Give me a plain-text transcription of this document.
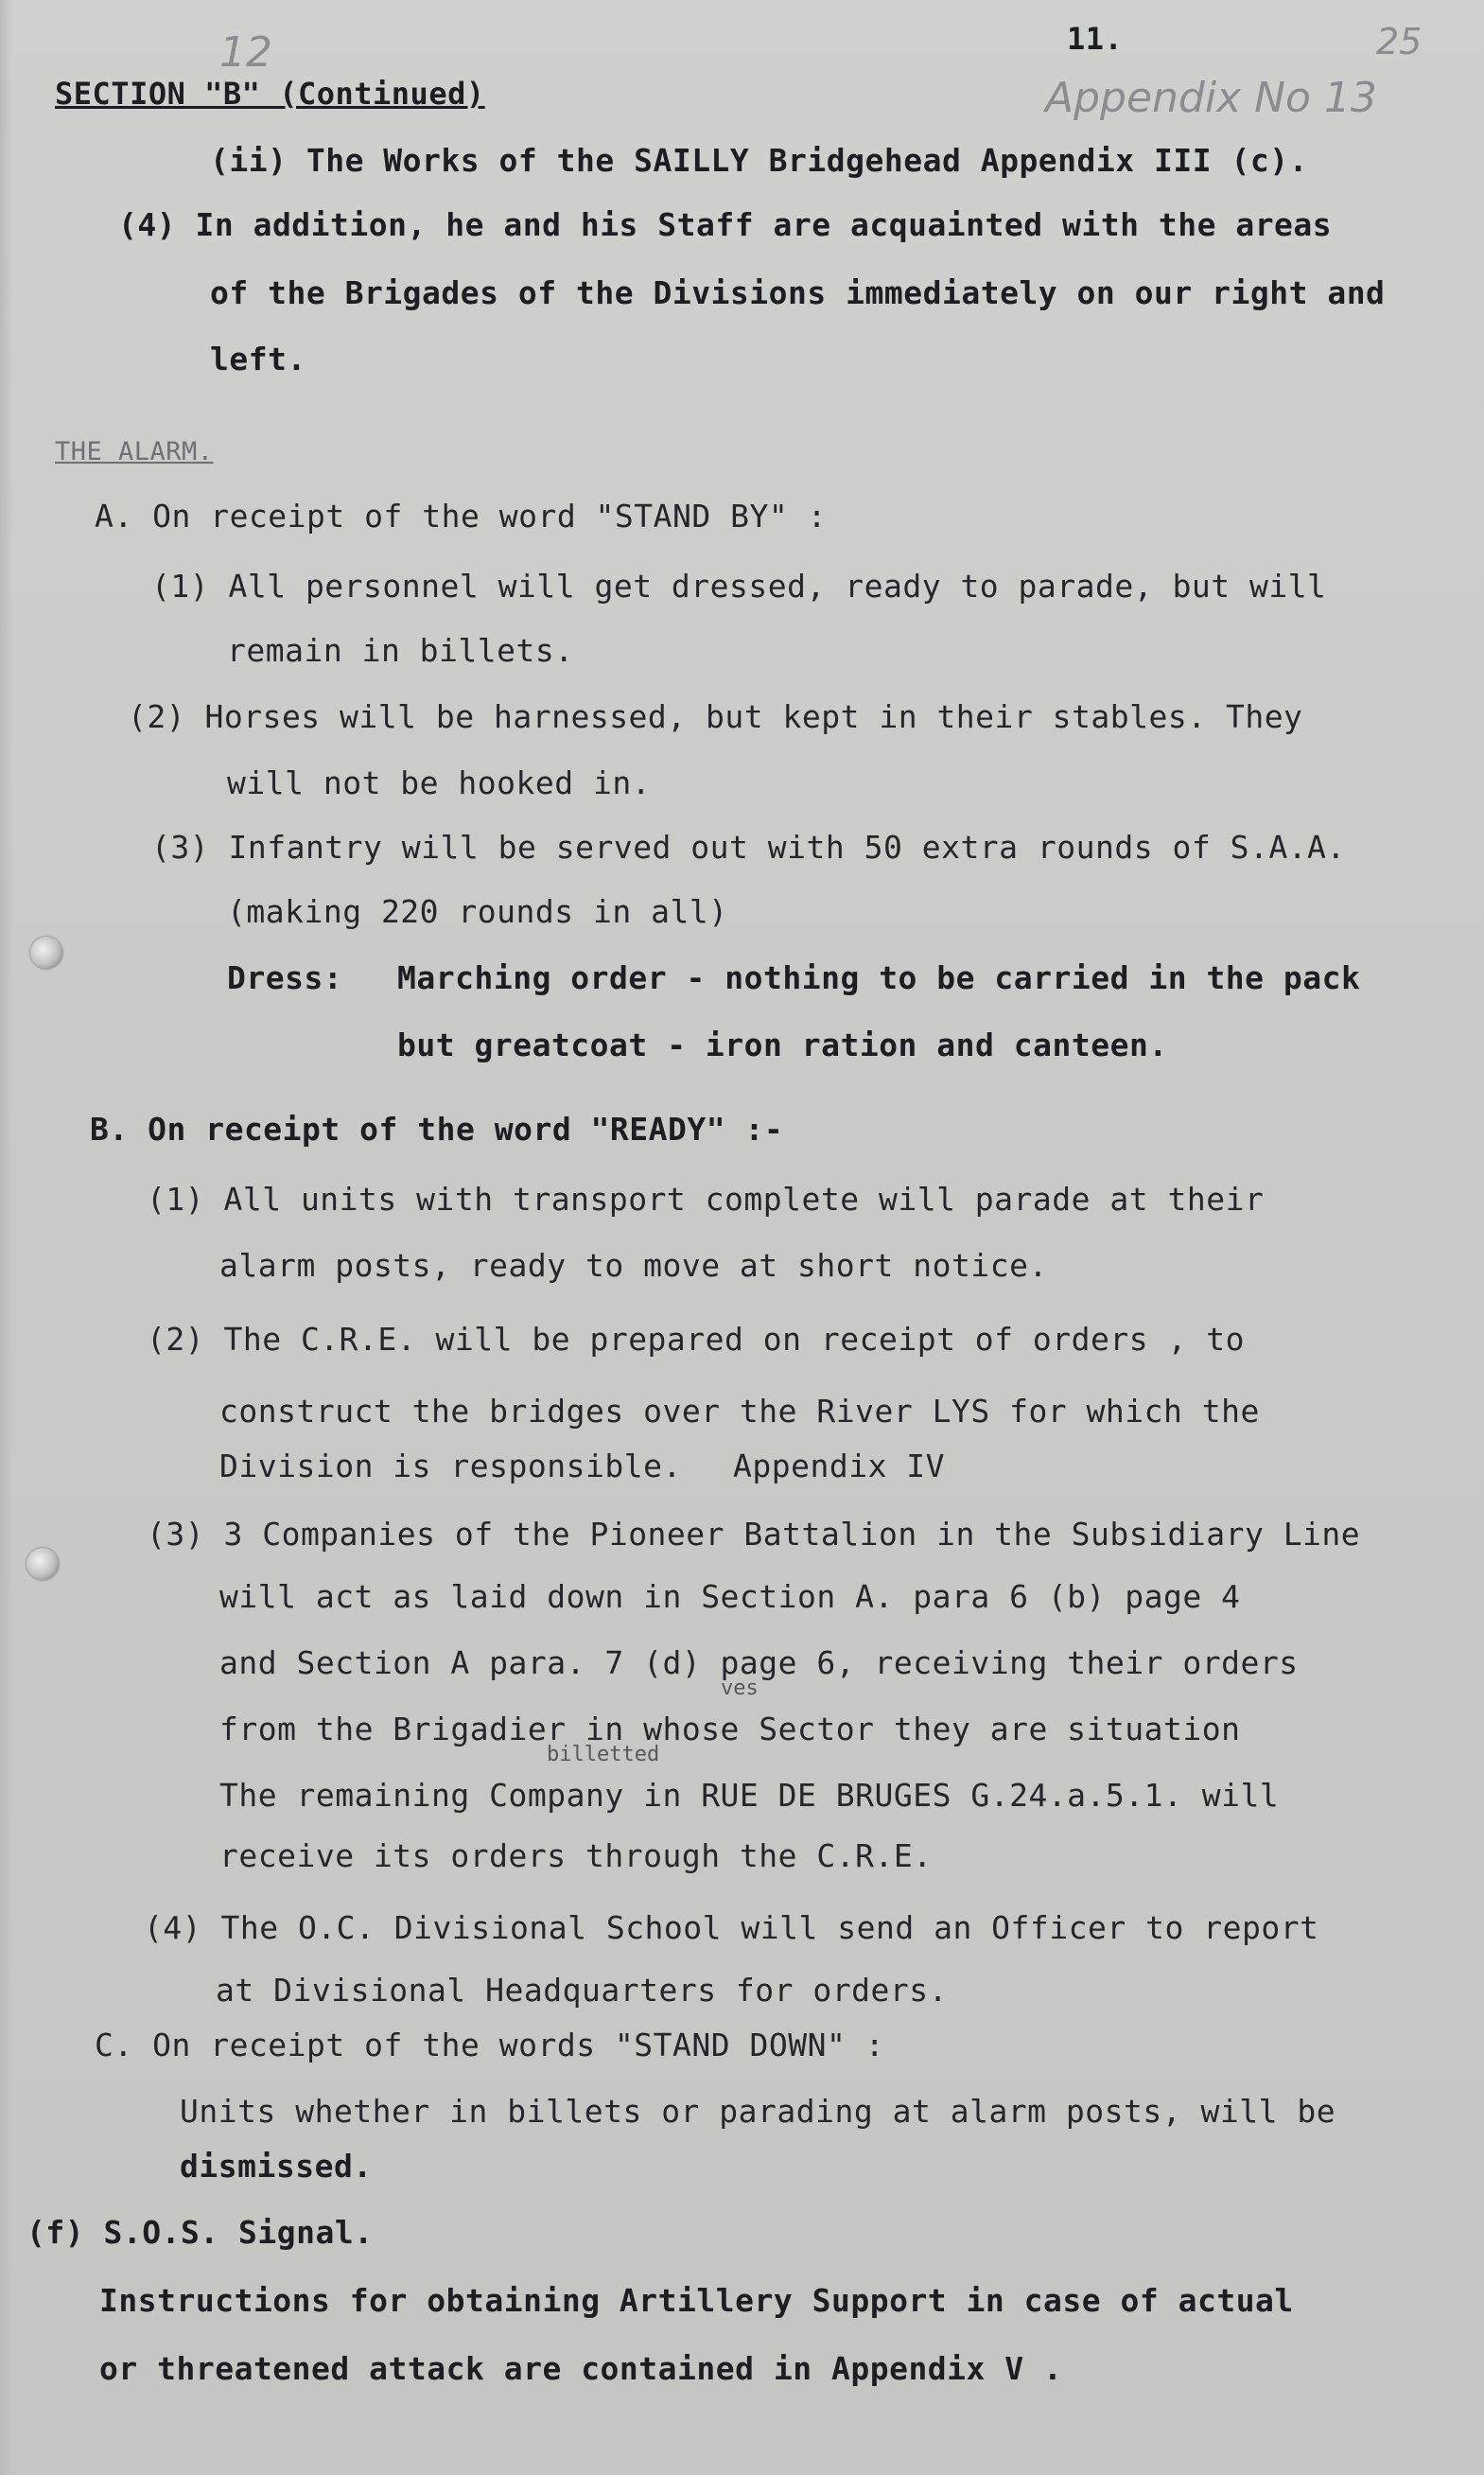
SECTION "B" (Continued)
12	11.
Appendix No 13
25
(ii) The Works of the SAILLY Bridgehead Appendix III (c).
(4) In addition, he and his Staff are acquainted with the areas
of the Brigades of the Divisions immediately on our right and
left.
THE ALARM.
A. On receipt of the word "STAND BY" :
(1) All personnel will get dressed, ready to parade, but will
remain in billets.
(2) Horses will be harnessed, but kept in their stables. They
will not be hooked in.
(3) Infantry will be served out with 50 extra rounds of S.A.A.
(making 220 rounds in all)
Dress: Marching order - nothing to be carried in the pack
but greatcoat - iron ration and canteen.
B. On receipt of the word "READY" :-
(1) All units with transport complete will parade at their
alarm posts, ready to move at short notice.
(2) The C.R.E. will be prepared on receipt of orders , to
construct the bridges over the River LYS for which the
Division is responsible. Appendix IV
(3) 3 Companies of the Pioneer Battalion in the Subsidiary Line
will act as laid down in Section A. para 6 (b) page 4
and Section A para. 7 (d) page 6, receiving their orders
ves
from the Brigadier in whose Sector they are situation
billetted
The remaining Company in RUE DE BRUGES G.24.a.5.1. will
receive its orders through the C.R.E.
(4) The O.C. Divisional School will send an Officer to report
at Divisional Headquarters for orders.
C. On receipt of the words "STAND DOWN" :
Units whether in billets or parading at alarm posts, will be
dismissed.
(f) S.O.S. Signal.
Instructions for obtaining Artillery Support in case of actual
or threatened attack are contained in Appendix V .
